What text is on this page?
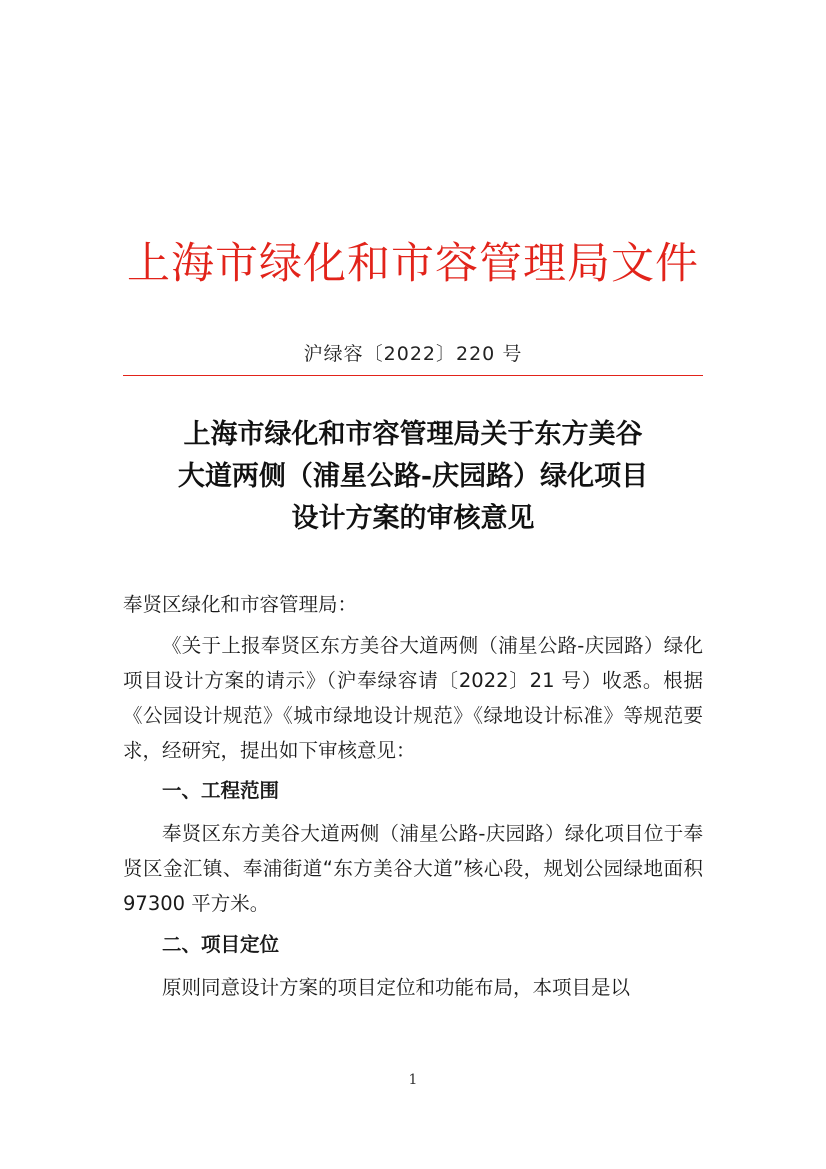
上海市绿化和市容管理局文件
沪绿容〔2022〕220 号
上海市绿化和市容管理局关于东方美谷
大道两侧（浦星公路-庆园路）绿化项目
设计方案的审核意见

奉贤区绿化和市容管理局：

《关于上报奉贤区东方美谷大道两侧（浦星公路-庆园路）绿化项目设计方案的请示》（沪奉绿容请〔2022〕21 号）收悉。根据《公园设计规范》《城市绿地设计规范》《绿地设计标准》等规范要求，经研究，提出如下审核意见：

一、工程范围

奉贤区东方美谷大道两侧（浦星公路-庆园路）绿化项目位于奉贤区金汇镇、奉浦街道“东方美谷大道”核心段，规划公园绿地面积 97300 平方米。

二、项目定位

原则同意设计方案的项目定位和功能布局，本项目是以

1
